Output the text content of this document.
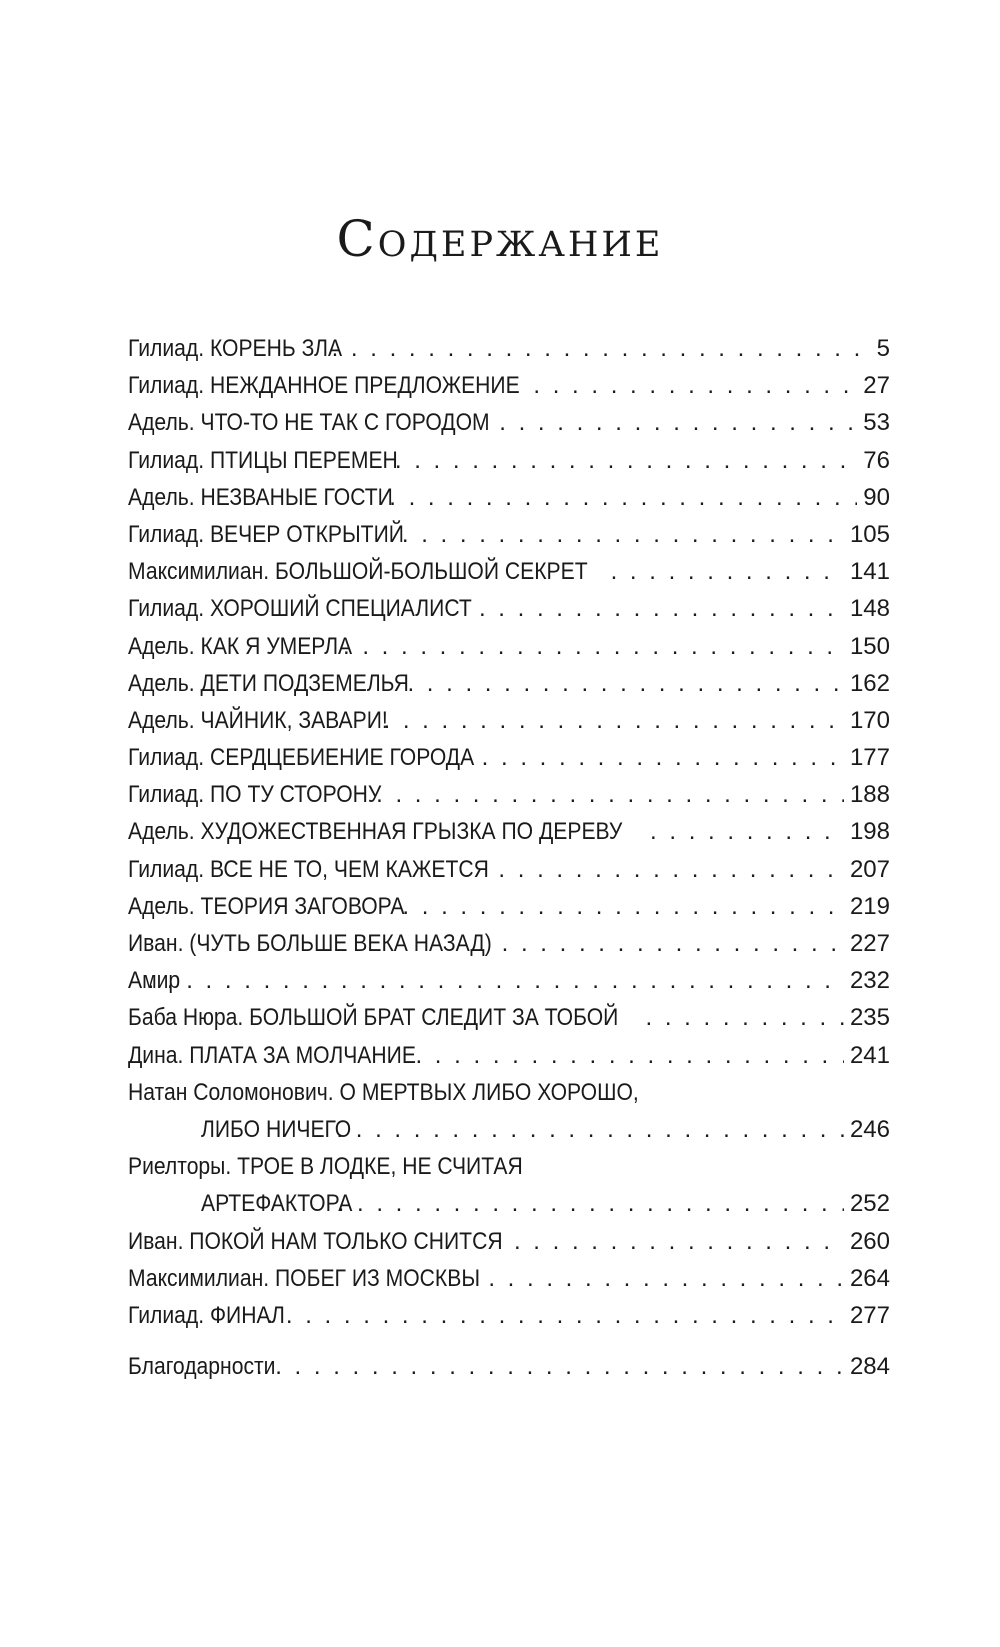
Содержание
Гилиад. КОРЕНЬ ЗЛА . . .	5
Гилиад. НЕЖДАННОЕ ПРЕДЛОЖЕНИЕ . . .	27
Адель. ЧТО-ТО НЕ ТАК С ГОРОДОМ . . .	53
Гилиад. ПТИЦЫ ПЕРЕМЕН . . .	76
Адель. НЕЗВАНЫЕ ГОСТИ . . .	90
Гилиад. ВЕЧЕР ОТКРЫТИЙ . . .	105
Максимилиан. БОЛЬШОЙ-БОЛЬШОЙ СЕКРЕТ . . .	141
Гилиад. ХОРОШИЙ СПЕЦИАЛИСТ . . .	148
Адель. КАК Я УМЕРЛА . . .	150
Адель. ДЕТИ ПОДЗЕМЕЛЬЯ . . .	162
Адель. ЧАЙНИК, ЗАВАРИ! . . .	170
Гилиад. СЕРДЦЕБИЕНИЕ ГОРОДА . . .	177
Гилиад. ПО ТУ СТОРОНУ . . .	188
Адель. ХУДОЖЕСТВЕННАЯ ГРЫЗКА ПО ДЕРЕВУ . . .	198
Гилиад. ВСЕ НЕ ТО, ЧЕМ КАЖЕТСЯ . . .	207
Адель. ТЕОРИЯ ЗАГОВОРА . . .	219
Иван. (ЧУТЬ БОЛЬШЕ ВЕКА НАЗАД) . . .	227
Амир . . .	232
Баба Нюра. БОЛЬШОЙ БРАТ СЛЕДИТ ЗА ТОБОЙ . . .	235
Дина. ПЛАТА ЗА МОЛЧАНИЕ . . .	241
Натан Соломонович. О МЕРТВЫХ ЛИБО ХОРОШО,
ЛИБО НИЧЕГО . . .	246
Риелторы. ТРОЕ В ЛОДКЕ, НЕ СЧИТАЯ
АРТЕФАКТОРА . . .	252
Иван. ПОКОЙ НАМ ТОЛЬКО СНИТСЯ . . .	260
Максимилиан. ПОБЕГ ИЗ МОСКВЫ . . .	264
Гилиад. ФИНАЛ . . .	277
Благодарности . . .	284
